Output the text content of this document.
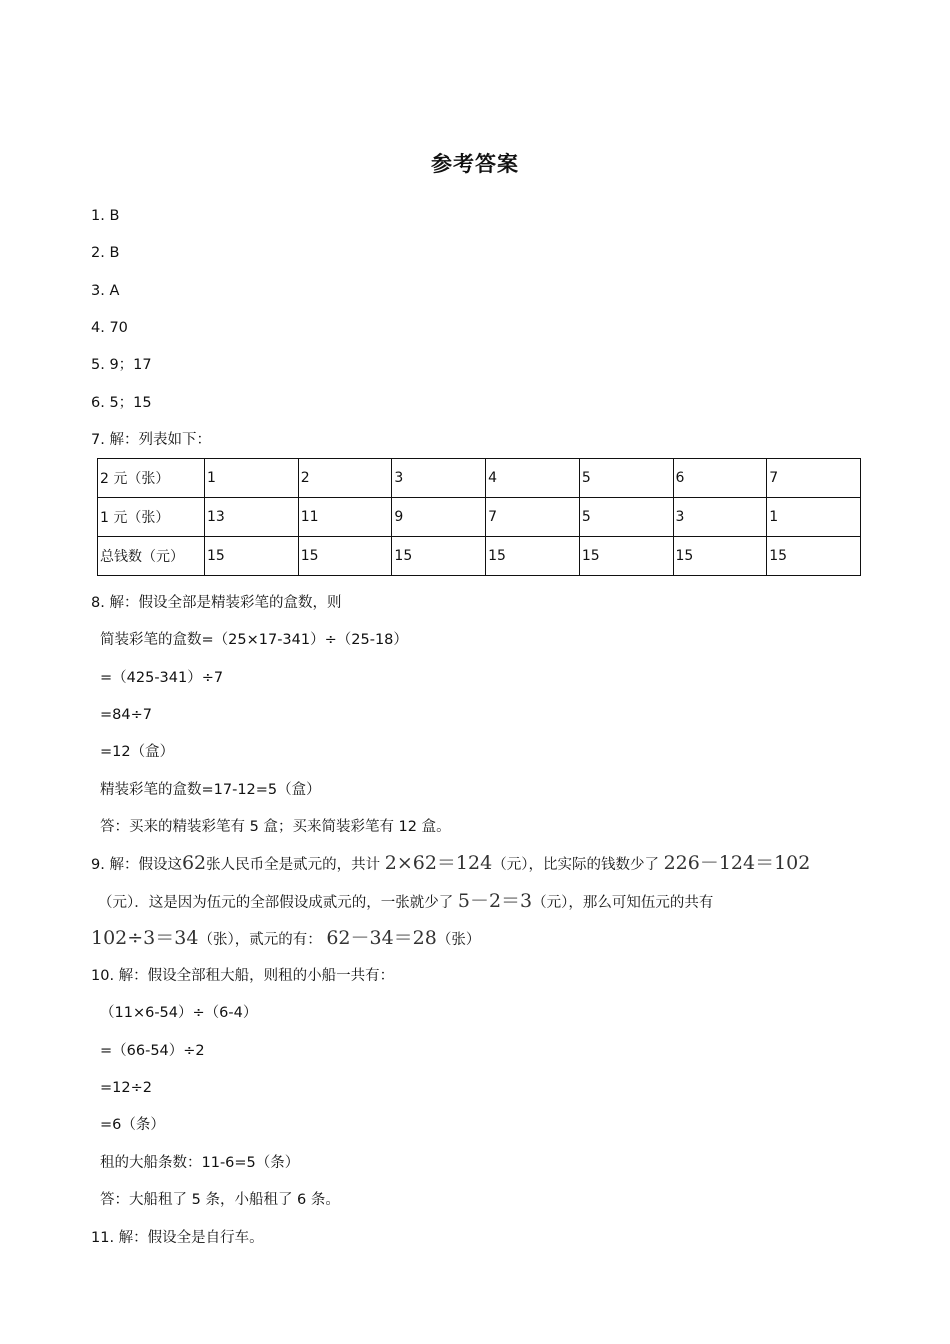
参考答案
1. B
2. B
3. A
4. 70
5. 9；17
6. 5；15
7. 解：列表如下：
2 元（张）	1	2	3	4	5	6	7
1 元（张）	13	11	9	7	5	3	1
总钱数（元）	15	15	15	15	15	15	15
8. 解：假设全部是精装彩笔的盒数，则
简装彩笔的盒数=（25×17-341）÷（25-18）
=（425-341）÷7
=84÷7
=12（盒）
精装彩笔的盒数=17-12=5（盒）
答：买来的精装彩笔有 5 盒；买来简装彩笔有 12 盒。
9. 解：假设这62张人民币全是贰元的，共计 2×62＝124（元），比实际的钱数少了 226－124＝102
（元）．这是因为伍元的全部假设成贰元的，一张就少了 5－2＝3（元），那么可知伍元的共有
102÷3＝34（张），贰元的有： 62－34＝28（张）
10. 解：假设全部租大船，则租的小船一共有：
（11×6-54）÷（6-4）
=（66-54）÷2
=12÷2
=6（条）
租的大船条数：11-6=5（条）
答：大船租了 5 条，小船租了 6 条。
11. 解：假设全是自行车。
